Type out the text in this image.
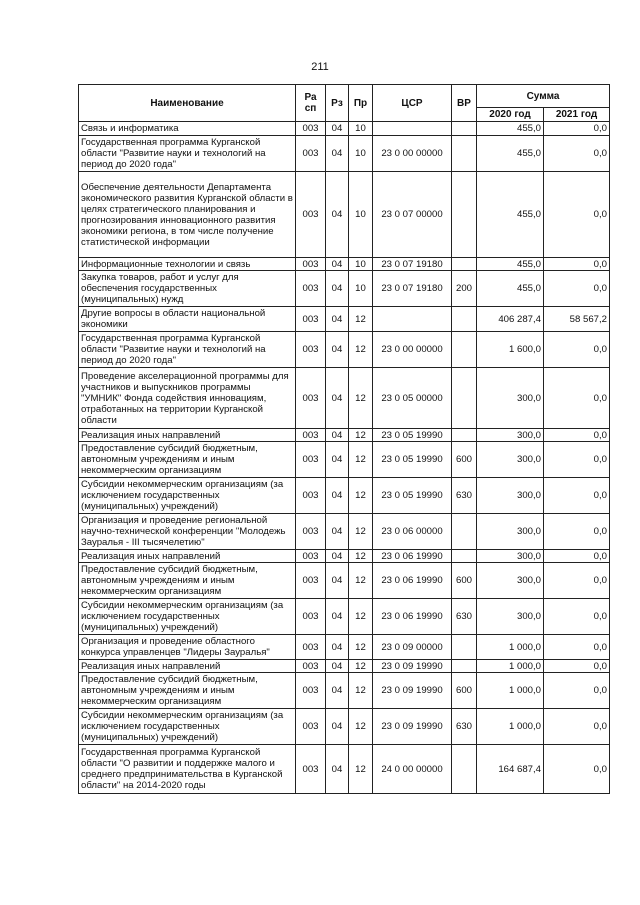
211
Наименование	Ра сп	Рз	Пр	ЦСР	ВР	Сумма	
						2020 год	2021 год
Связь и информатика	003	04	10			455,0	0,0
Государственная программа Курганской области "Развитие науки и технологий на период до 2020 года"	003	04	10	23 0 00 00000		455,0	0,0
Обеспечение деятельности Департамента экономического развития Курганской области в целях стратегического планирования и прогнозирования инновационного развития экономики региона, в том числе получение статистической информации	003	04	10	23 0 07 00000		455,0	0,0
Информационные технологии и связь	003	04	10	23 0 07 19180		455,0	0,0
Закупка товаров, работ и услуг для обеспечения государственных (муниципальных) нужд	003	04	10	23 0 07 19180	200	455,0	0,0
Другие вопросы в области национальной экономики	003	04	12			406 287,4	58 567,2
Государственная программа Курганской области "Развитие науки и технологий на период до 2020 года"	003	04	12	23 0 00 00000		1 600,0	0,0
Проведение акселерационной программы для участников и выпускников программы "УМНИК" Фонда содействия инновациям, отработанных на территории Курганской области	003	04	12	23 0 05 00000		300,0	0,0
Реализация иных направлений	003	04	12	23 0 05 19990		300,0	0,0
Предоставление субсидий бюджетным, автономным учреждениям и иным некоммерческим организациям	003	04	12	23 0 05 19990	600	300,0	0,0
Субсидии некоммерческим организациям (за исключением государственных (муниципальных) учреждений)	003	04	12	23 0 05 19990	630	300,0	0,0
Организация и проведение региональной научно-технической конференции "Молодежь Зауралья - III тысячелетию"	003	04	12	23 0 06 00000		300,0	0,0
Реализация иных направлений	003	04	12	23 0 06 19990		300,0	0,0
Предоставление субсидий бюджетным, автономным учреждениям и иным некоммерческим организациям	003	04	12	23 0 06 19990	600	300,0	0,0
Субсидии некоммерческим организациям (за исключением государственных (муниципальных) учреждений)	003	04	12	23 0 06 19990	630	300,0	0,0
Организация и проведение областного конкурса управленцев "Лидеры Зауралья"	003	04	12	23 0 09 00000		1 000,0	0,0
Реализация иных направлений	003	04	12	23 0 09 19990		1 000,0	0,0
Предоставление субсидий бюджетным, автономным учреждениям и иным некоммерческим организациям	003	04	12	23 0 09 19990	600	1 000,0	0,0
Субсидии некоммерческим организациям (за исключением государственных (муниципальных) учреждений)	003	04	12	23 0 09 19990	630	1 000,0	0,0
Государственная программа Курганской области "О развитии и поддержке малого и среднего предпринимательства в Курганской области" на 2014-2020 годы	003	04	12	24 0 00 00000		164 687,4	0,0
